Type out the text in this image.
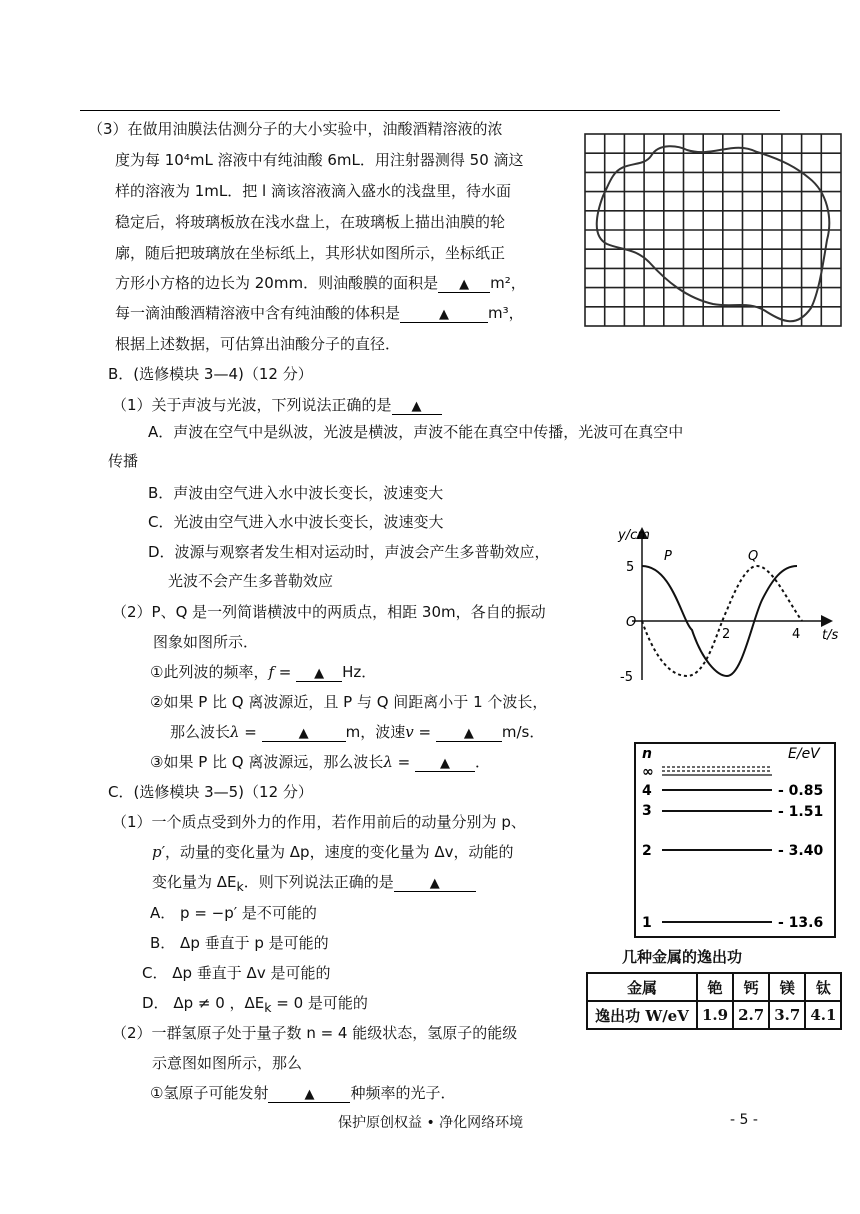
（3）在做用油膜法估测分子的大小实验中，油酸酒精溶液的浓
度为每 10⁴mL 溶液中有纯油酸 6mL．用注射器测得 50 滴这
样的溶液为 1mL．把 l 滴该溶液滴入盛水的浅盘里，待水面
稳定后，将玻璃板放在浅水盘上，在玻璃板上描出油膜的轮
廓，随后把玻璃放在坐标纸上，其形状如图所示，坐标纸正
方形小方格的边长为 20mm．则油酸膜的面积是 ▲ m²，
每一滴油酸酒精溶液中含有纯油酸的体积是	▲	m³，
根据上述数据，可估算出油酸分子的直径．
B．(选修模块 3—4)（12 分）
（1）关于声波与光波，下列说法正确的是 ▲
A．声波在空气中是纵波，光波是横波，声波不能在真空中传播，光波可在真空中
传播
B．声波由空气进入水中波长变长，波速变大
C．光波由空气进入水中波长变长，波速变大
D．波源与观察者发生相对运动时，声波会产生多普勒效应，
光波不会产生多普勒效应
（2）P、Q 是一列简谐横波中的两质点，相距 30m，各自的振动
图象如图所示．
①此列波的频率，f = ▲ Hz．
②如果 P 比 Q 离波源近，且 P 与 Q 间距离小于 1 个波长，
那么波长λ =	▲ m，波速v = ▲ m/s．
③如果 P 比 Q 离波源远，那么波长λ = ▲ ．
y/cm
t/s
O
5
-5
2	4
P	Q
C．(选修模块 3—5)（12 分）
（1）一个质点受到外力的作用，若作用前后的动量分别为 p、
p′，动量的变化量为 Δp，速度的变化量为 Δv，动能的
变化量为 $\Delta E_k$．则下列说法正确的是	▲
A． p = −p′ 是不可能的
B． Δp 垂直于 p 是可能的
C． Δp 垂直于 Δv 是可能的
D． Δp ≠ 0 ，$\Delta E_k = 0$ 是可能的
（2）一群氢原子处于量子数 n = 4 能级状态，氢原子的能级
示意图如图所示，那么
①氢原子可能发射	▲ 种频率的光子．
n	E/eV
∞
4	- 0.85
3	- 1.51
2	- 3.40
1	- 13.6
几种金属的逸出功
金属	铯	钙	镁	钛
逸出功 W/eV	1.9	2.7	3.7	4.1
保护原创权益 • 净化网络环境	- 5 -
